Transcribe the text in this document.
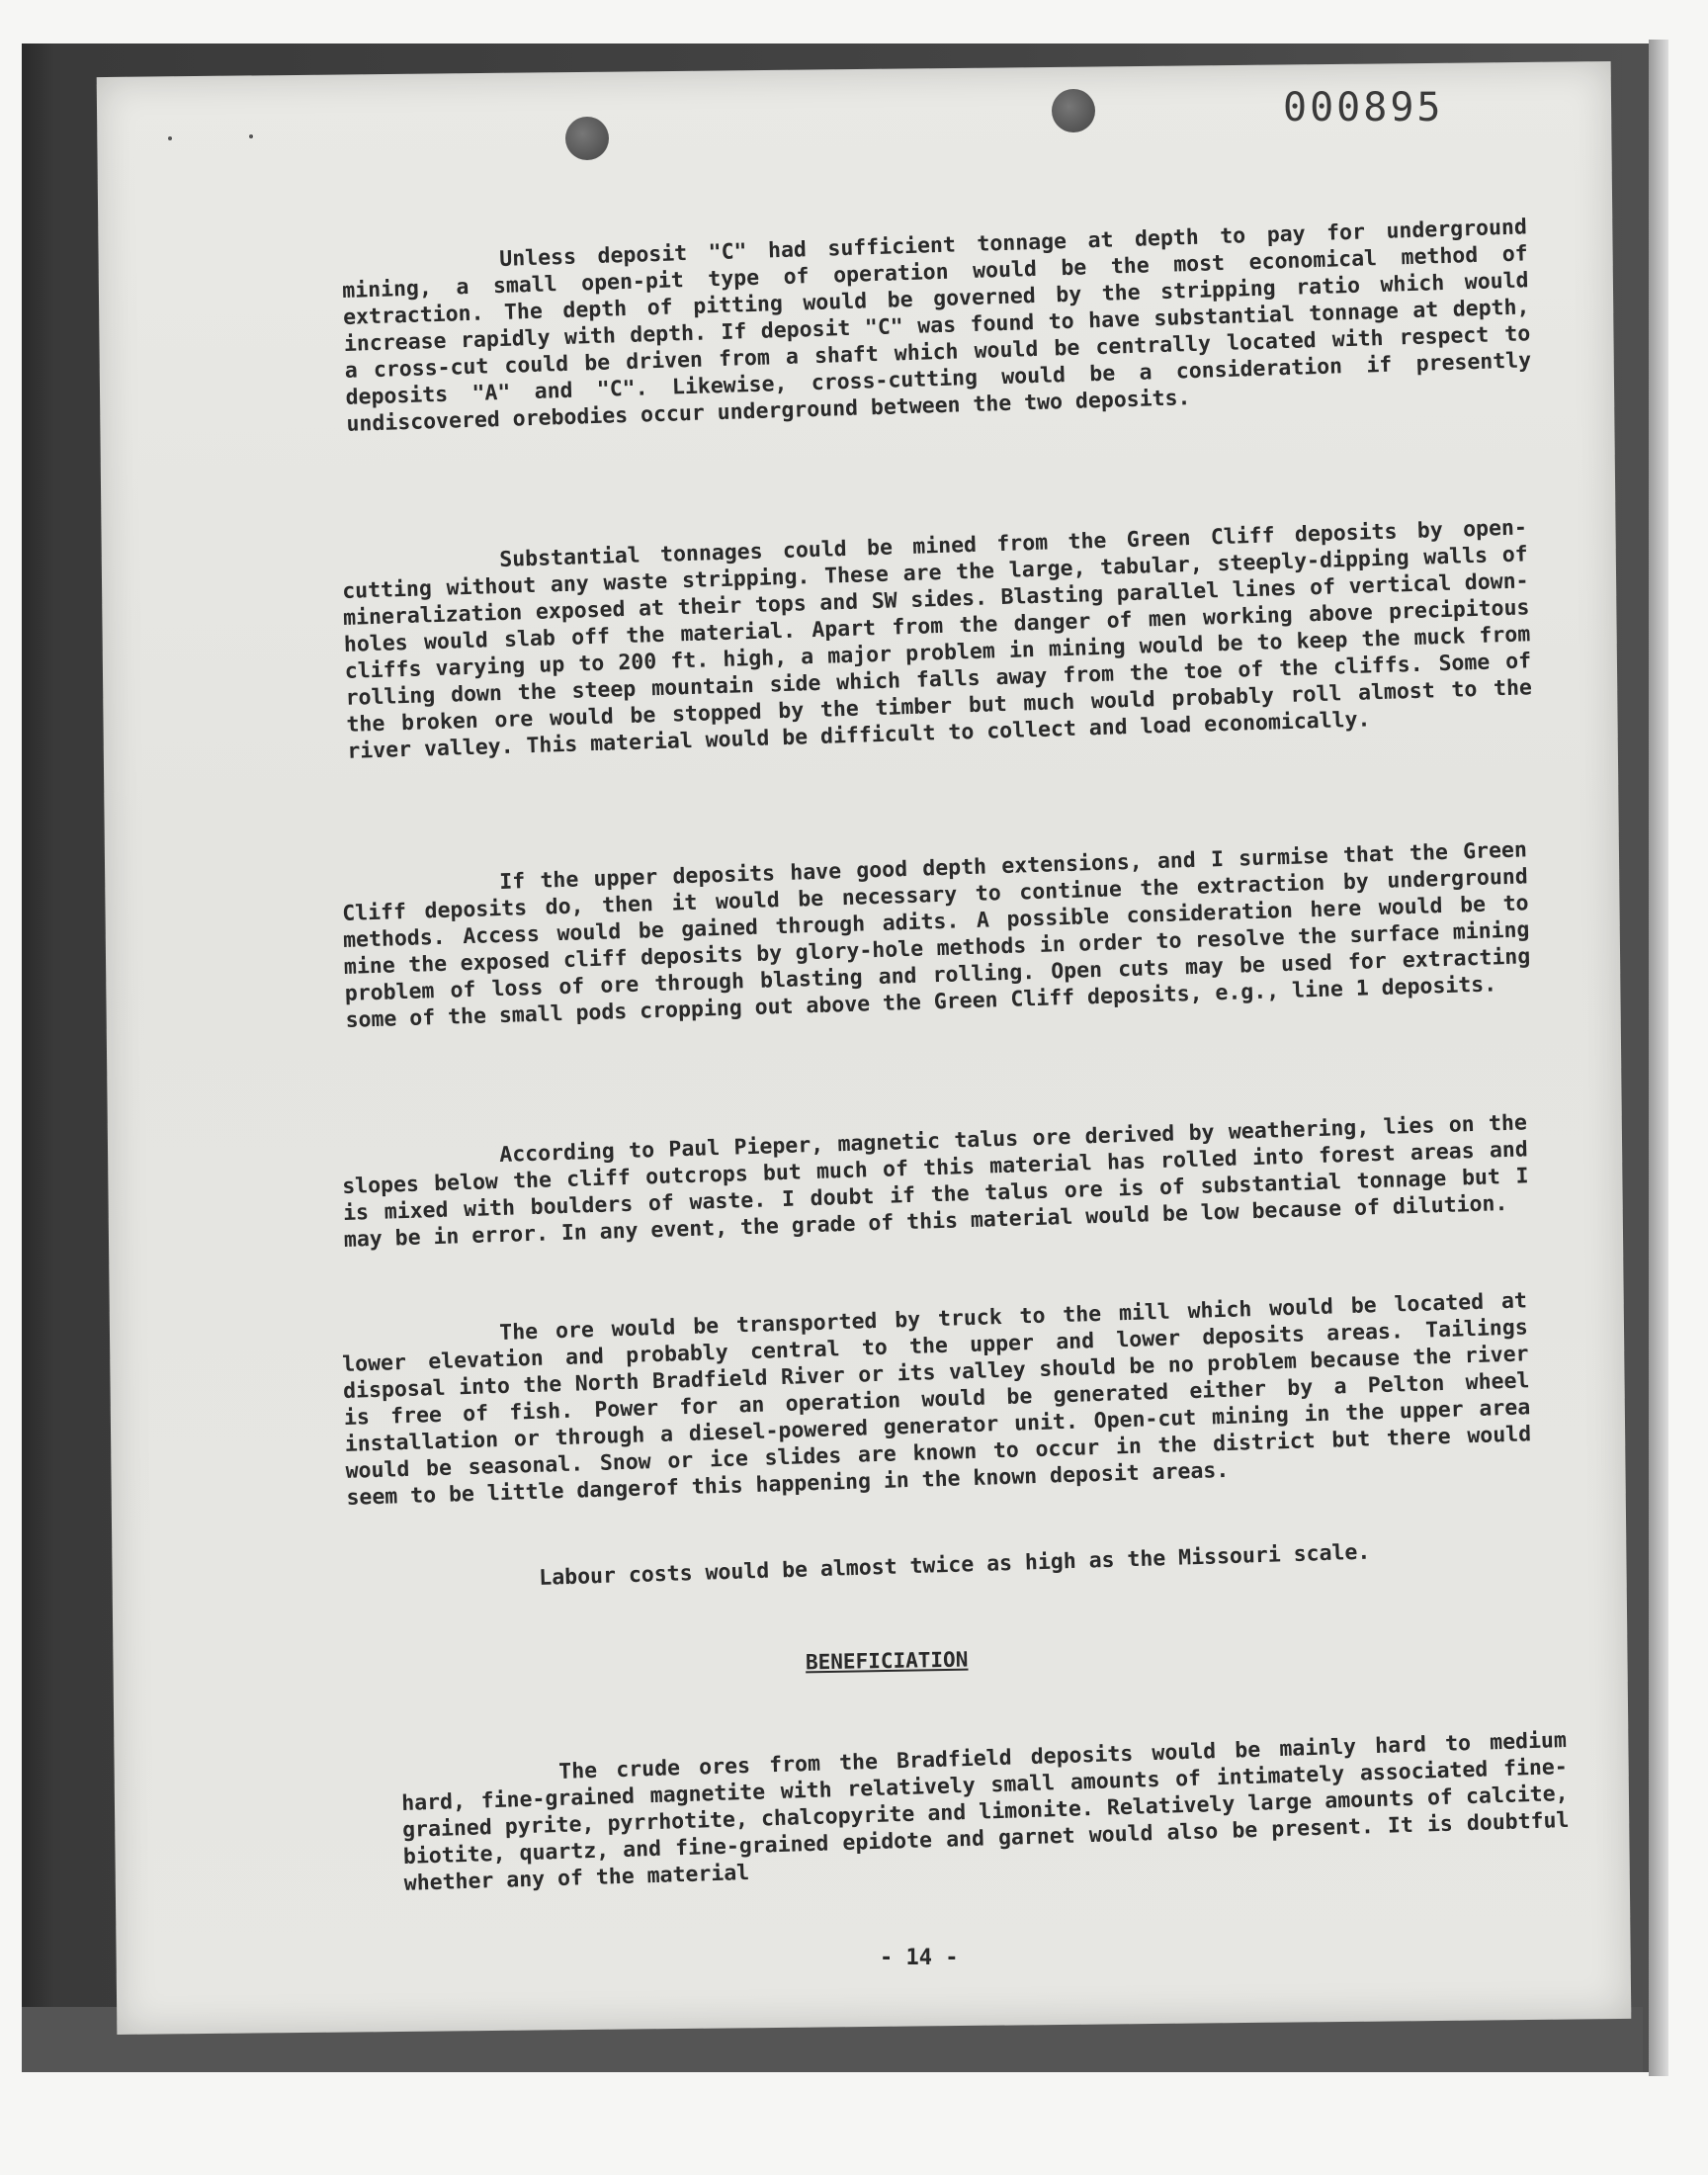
000895

Unless deposit "C" had sufficient tonnage at depth to pay for underground mining, a small open-pit type of operation would be the most economical method of extraction. The depth of pitting would be governed by the stripping ratio which would increase rapidly with depth. If deposit "C" was found to have substantial tonnage at depth, a cross-cut could be driven from a shaft which would be centrally located with respect to deposits "A" and "C". Likewise, cross-cutting would be a consideration if presently undiscovered orebodies occur underground between the two deposits.

Substantial tonnages could be mined from the Green Cliff deposits by open-cutting without any waste stripping. These are the large, tabular, steeply-dipping walls of mineralization exposed at their tops and SW sides. Blasting parallel lines of vertical down-holes would slab off the material. Apart from the danger of men working above precipitous cliffs varying up to 200 ft. high, a major problem in mining would be to keep the muck from rolling down the steep mountain side which falls away from the toe of the cliffs. Some of the broken ore would be stopped by the timber but much would probably roll almost to the river valley. This material would be difficult to collect and load economically.

If the upper deposits have good depth extensions, and I surmise that the Green Cliff deposits do, then it would be necessary to continue the extraction by underground methods. Access would be gained through adits. A possible consideration here would be to mine the exposed cliff deposits by glory-hole methods in order to resolve the surface mining problem of loss of ore through blasting and rolling. Open cuts may be used for extracting some of the small pods cropping out above the Green Cliff deposits, e.g., line 1 deposits.

According to Paul Pieper, magnetic talus ore derived by weathering, lies on the slopes below the cliff outcrops but much of this material has rolled into forest areas and is mixed with boulders of waste. I doubt if the talus ore is of substantial tonnage but I may be in error. In any event, the grade of this material would be low because of dilution.

The ore would be transported by truck to the mill which would be located at lower elevation and probably central to the upper and lower deposits areas. Tailings disposal into the North Bradfield River or its valley should be no problem because the river is free of fish. Power for an operation would be generated either by a Pelton wheel installation or through a diesel-powered generator unit. Open-cut mining in the upper area would be seasonal. Snow or ice slides are known to occur in the district but there would seem to be little dangerof this happening in the known deposit areas.

Labour costs would be almost twice as high as the Missouri scale.

BENEFICIATION

The crude ores from the Bradfield deposits would be mainly hard to medium hard, fine-grained magnetite with relatively small amounts of intimately associated fine-grained pyrite, pyrrhotite, chalcopyrite and limonite. Relatively large amounts of calcite, biotite, quartz, and fine-grained epidote and garnet would also be present. It is doubtful whether any of the material

- 14 -
